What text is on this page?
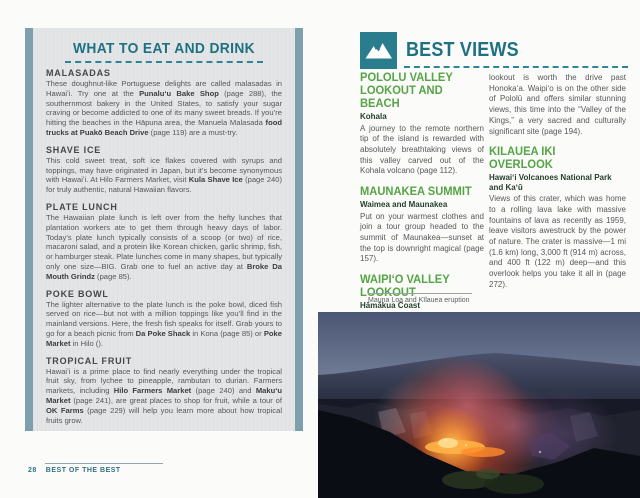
WHAT TO EAT AND DRINK
MALASADAS

These doughnut-like Portuguese delights are called malasadas in Hawaiʻi. Try one at the Punaluʻu Bake Shop (page 288), the southernmost bakery in the United States, to satisfy your sugar craving or become addicted to one of its many sweet breads. If you’re hitting the beaches in the Hāpuna area, the Manuela Malasada food trucks at Puakō Beach Drive (page 119) are a must-try.

SHAVE ICE

This cold sweet treat, soft ice flakes covered with syrups and toppings, may have originated in Japan, but it’s become synonymous with Hawaiʻi. At Hilo Farmers Market, visit Kula Shave Ice (page 240) for truly authentic, natural Hawaiian flavors.

PLATE LUNCH

The Hawaiian plate lunch is left over from the hefty lunches that plantation workers ate to get them through heavy days of labor. Today’s plate lunch typically consists of a scoop (or two) of rice, macaroni salad, and a protein like Korean chicken, garlic shrimp, fish, or hamburger steak. Plate lunches come in many shapes, but typically only one size—BIG. Grab one to fuel an active day at Broke Da Mouth Grindz (page 85).

POKE BOWL

The lighter alternative to the plate lunch is the poke bowl, diced fish served on rice—but not with a million toppings like you’ll find in the mainland versions. Here, the fresh fish speaks for itself. Grab yours to go for a beach picnic from Da Poke Shack in Kona (page 85) or Poke Market in Hilo ().

TROPICAL FRUIT

Hawaiʻi is a prime place to find nearly everything under the tropical fruit sky, from lychee to pineapple, rambutan to durian. Farmers markets, including Hilo Farmers Market (page 240) and Makuʻu Market (page 241), are great places to shop for fruit, while a tour of OK Farms (page 229) will help you learn more about how tropical fruits grow.

BEST VIEWS
POLOLŪ VALLEY LOOKOUT AND BEACH
Kohala

A journey to the remote northern tip of the island is rewarded with absolutely breathtaking views of this valley carved out of the Kohala volcano (page 112).

MAUNAKEA SUMMIT
Waimea and Maunakea

Put on your warmest clothes and join a tour group headed to the summit of Maunakea—sunset at the top is downright magical (page 157).

WAIPIʻO VALLEY LOOKOUT
Hāmākua Coast

lookout is worth the drive past Honokaʻa. Waipiʻo is on the other side of Pololū and offers similar stunning views, this time into the “Valley of the Kings,” a very sacred and culturally significant site (page 194).

KĪLAUEA IKI OVERLOOK
Hawaiʻi Volcanoes National Park and Kaʻū

Views of this crater, which was home to a rolling lava lake with massive fountains of lava as recently as 1959, leave visitors awestruck by the power of nature. The crater is massive—1 mi (1.6 km) long, 3,000 ft (914 m) across, and 400 ft (122 m) deep—and this overlook helps you take it all in (page 272).

Mauna Loa and Kīlauea eruption
28 BEST OF THE BEST
